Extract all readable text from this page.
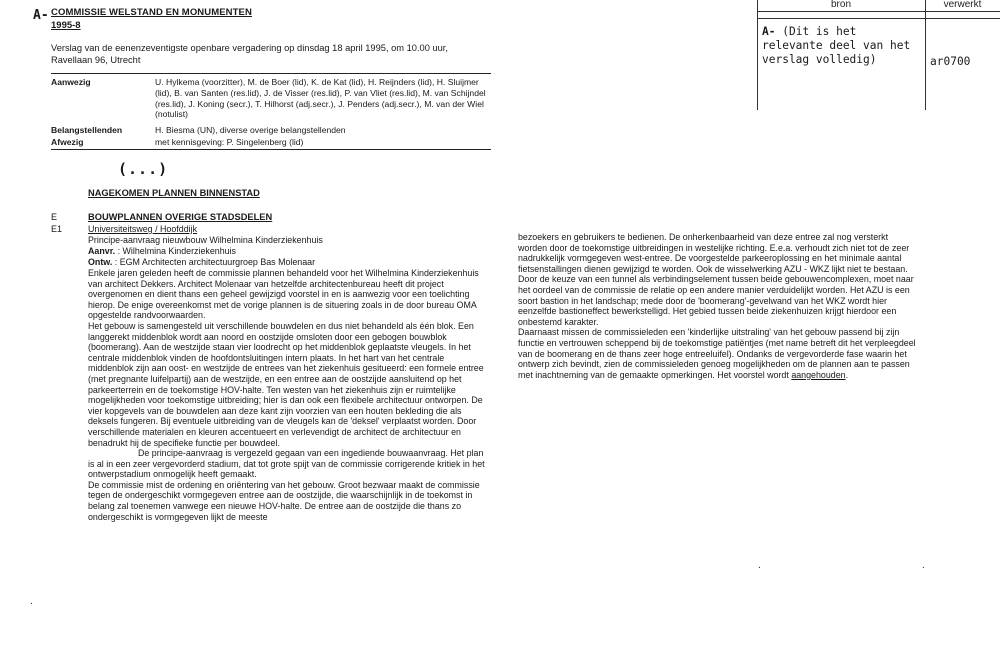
A- COMMISSIE WELSTAND EN MONUMENTEN
1995-8
Verslag van de eenenzeventigste openbare vergadering op dinsdag 18 april 1995, om 10.00 uur, Ravellaan 96, Utrecht
Aanwezig	U. Hylkema (voorzitter), M. de Boer (lid), K. de Kat (lid), H. Reijnders (lid), H. Sluijmer (lid), B. van Santen (res.lid), J. de Visser (res.lid), P. van Vliet (res.lid), M. van Schijndel (res.lid), J. Koning (secr.), T. Hilhorst (adj.secr.), J. Penders (adj.secr.), M. van der Wiel (notulist)
Belangstellenden	H. Biesma (UN), diverse overige belangstellenden
Afwezig	met kennisgeving: P. Singelenberg (lid)
(...)
NAGEKOMEN PLANNEN BINNENSTAD
E	BOUWPLANNEN OVERIGE STADSDELEN
E1	Universiteitsweg / Hoofddijk
Principe-aanvraag nieuwbouw Wilhelmina Kinderziekenhuis
Aanvr. : Wilhelmina Kinderziekenhuis
Ontw. : EGM Architecten architectuurgroep Bas Molenaar

Enkele jaren geleden heeft de commissie plannen behandeld voor het Wilhelmina Kinderziekenhuis van architect Dekkers. Architect Molenaar van hetzelfde architectenbureau heeft dit project overgenomen en dient thans een geheel gewijzigd voorstel in en is aanwezig voor een toelichting hierop. De enige overeenkomst met de vorige plannen is de situering zoals in de door bureau OMA opgestelde randvoorwaarden.

Het gebouw is samengesteld uit verschillende bouwdelen en dus niet behandeld als één blok. Een langgerekt middenblok wordt aan noord en oostzijde omsloten door een gebogen bouwblok (boomerang). Aan de westzijde staan vier loodrecht op het middenblok geplaatste vleugels. In het centrale middenblok vinden de hoofdontsluitingen intern plaats. In het hart van het centrale middenblok zijn aan oost- en westzijde de entrees van het ziekenhuis gesitueerd: een formele entree (met pregnante luifelpartij) aan de westzijde, en een entree aan de oostzijde aansluitend op het parkeerterrein en de toekomstige HOV-halte. Ten westen van het ziekenhuis zijn er ruimtelijke mogelijkheden voor toekomstige uitbreiding; hier is dan ook een flexibele architectuur ontworpen. De vier kopgevels van de bouwdelen aan deze kant zijn voorzien van een houten bekleding die als deksels fungeren. Bij eventuele uitbreiding van de vleugels kan de 'deksel' verplaatst worden. Door verschillende materialen en kleuren accentueert en verlevendigt de architect de architectuur en benadrukt hij de specifieke functie per bouwdeel.

De principe-aanvraag is vergezeld gegaan van een ingediende bouwaanvraag. Het plan is al in een zeer vergevorderd stadium, dat tot grote spijt van de commissie corrigerende kritiek in het ontwerpstadium onmogelijk heeft gemaakt.

De commissie mist de ordening en oriëntering van het gebouw. Groot bezwaar maakt de commissie tegen de ondergeschikt vormgegeven entree aan de oostzijde, die waarschijnlijk in de toekomst in belang zal toenemen vanwege een nieuwe HOV-halte. De entree aan de oostzijde die thans zo ondergeschikt is vormgegeven lijkt de meeste

bezoekers en gebruikers te bedienen. De onherkenbaarheid van deze entree zal nog versterkt worden door de toekomstige uitbreidingen in westelijke richting. E.e.a. verhoudt zich niet tot de zeer nadrukkelijk vormgegeven west-entree. De voorgestelde parkeeroplossing en het minimale aantal fietsenstallingen dienen gewijzigd te worden. Ook de wisselwerking AZU - WKZ lijkt niet te bestaan. Door de keuze van een tunnel als verbindingselement tussen beide gebouwencomplexen, moet naar het oordeel van de commissie de relatie op een andere manier verduidelijkt worden. Het AZU is een soort bastion in het landschap; mede door de 'boomerang'-gevelwand van het WKZ wordt hier eenzelfde bastioneffect bewerkstelligd. Het gebied tussen beide ziekenhuizen krijgt hierdoor een onbestemd karakter.

Daarnaast missen de commissieleden een 'kinderlijke uitstraling' van het gebouw passend bij zijn functie en vertrouwen scheppend bij de toekomstige patiëntjes (met name betreft dit het verpleegdeel van de boomerang en de thans zeer hoge entreeluifel). Ondanks de vergevorderde fase waarin het ontwerp zich bevindt, zien de commissieleden genoeg mogelijkheden om de plannen aan te passen met inachtneming van de gemaakte opmerkingen. Het voorstel wordt aangehouden.

bron	verwerkt
A- (Dit is het relevante deel van het verslag volledig)	ar0700
.	.
.
